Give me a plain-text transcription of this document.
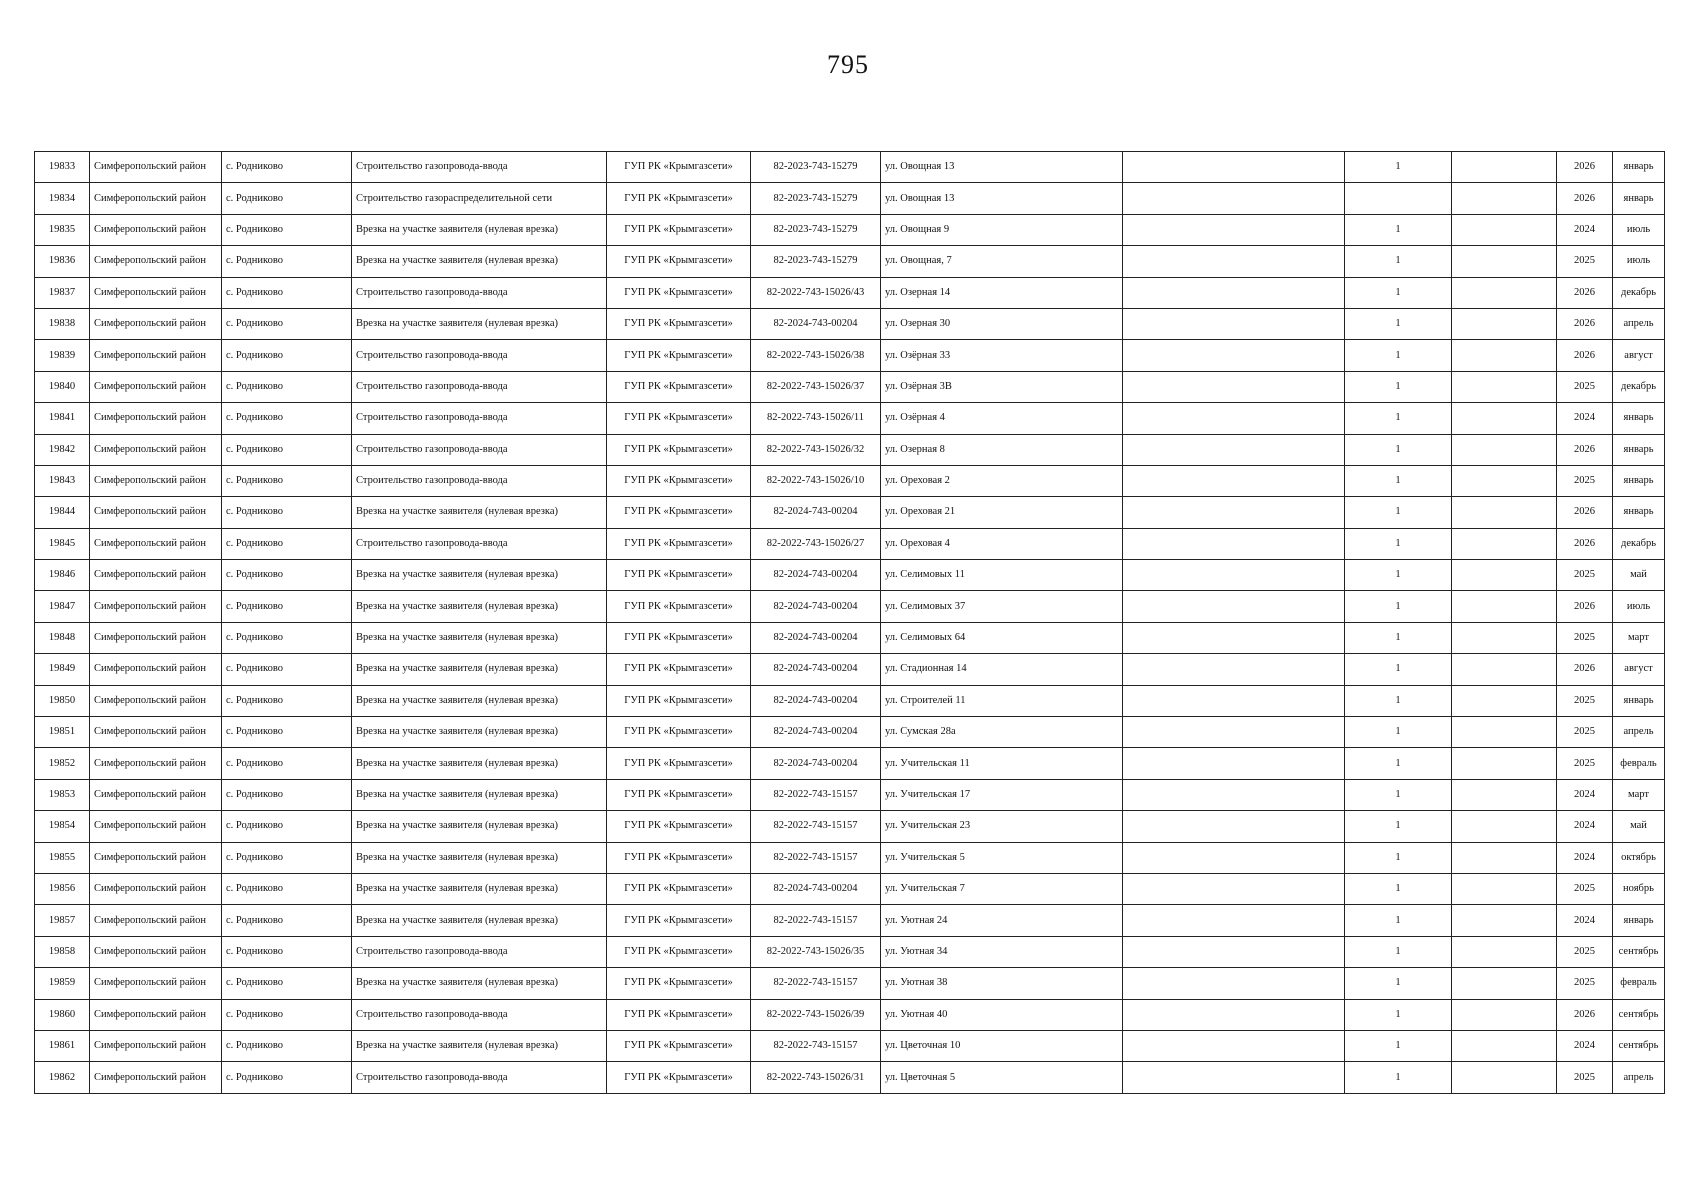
795
19833	Симферопольский район	с. Родниково	Строительство газопровода-ввода	ГУП РК «Крымгазсети»	82-2023-743-15279	ул. Овощная 13		1		2026	январь
19834	Симферопольский район	с. Родниково	Строительство газораспределительной сети	ГУП РК «Крымгазсети»	82-2023-743-15279	ул. Овощная 13				2026	январь
19835	Симферопольский район	с. Родниково	Врезка на участке заявителя (нулевая врезка)	ГУП РК «Крымгазсети»	82-2023-743-15279	ул. Овощная 9		1		2024	июль
19836	Симферопольский район	с. Родниково	Врезка на участке заявителя (нулевая врезка)	ГУП РК «Крымгазсети»	82-2023-743-15279	ул. Овощная, 7		1		2025	июль
19837	Симферопольский район	с. Родниково	Строительство газопровода-ввода	ГУП РК «Крымгазсети»	82-2022-743-15026/43	ул. Озерная 14		1		2026	декабрь
19838	Симферопольский район	с. Родниково	Врезка на участке заявителя (нулевая врезка)	ГУП РК «Крымгазсети»	82-2024-743-00204	ул. Озерная 30		1		2026	апрель
19839	Симферопольский район	с. Родниково	Строительство газопровода-ввода	ГУП РК «Крымгазсети»	82-2022-743-15026/38	ул. Озёрная 33		1		2026	август
19840	Симферопольский район	с. Родниково	Строительство газопровода-ввода	ГУП РК «Крымгазсети»	82-2022-743-15026/37	ул. Озёрная 3В		1		2025	декабрь
19841	Симферопольский район	с. Родниково	Строительство газопровода-ввода	ГУП РК «Крымгазсети»	82-2022-743-15026/11	ул. Озёрная 4		1		2024	январь
19842	Симферопольский район	с. Родниково	Строительство газопровода-ввода	ГУП РК «Крымгазсети»	82-2022-743-15026/32	ул. Озерная 8		1		2026	январь
19843	Симферопольский район	с. Родниково	Строительство газопровода-ввода	ГУП РК «Крымгазсети»	82-2022-743-15026/10	ул. Ореховая 2		1		2025	январь
19844	Симферопольский район	с. Родниково	Врезка на участке заявителя (нулевая врезка)	ГУП РК «Крымгазсети»	82-2024-743-00204	ул. Ореховая 21		1		2026	январь
19845	Симферопольский район	с. Родниково	Строительство газопровода-ввода	ГУП РК «Крымгазсети»	82-2022-743-15026/27	ул. Ореховая 4		1		2026	декабрь
19846	Симферопольский район	с. Родниково	Врезка на участке заявителя (нулевая врезка)	ГУП РК «Крымгазсети»	82-2024-743-00204	ул. Селимовых 11		1		2025	май
19847	Симферопольский район	с. Родниково	Врезка на участке заявителя (нулевая врезка)	ГУП РК «Крымгазсети»	82-2024-743-00204	ул. Селимовых 37		1		2026	июль
19848	Симферопольский район	с. Родниково	Врезка на участке заявителя (нулевая врезка)	ГУП РК «Крымгазсети»	82-2024-743-00204	ул. Селимовых 64		1		2025	март
19849	Симферопольский район	с. Родниково	Врезка на участке заявителя (нулевая врезка)	ГУП РК «Крымгазсети»	82-2024-743-00204	ул. Стадионная 14		1		2026	август
19850	Симферопольский район	с. Родниково	Врезка на участке заявителя (нулевая врезка)	ГУП РК «Крымгазсети»	82-2024-743-00204	ул. Строителей 11		1		2025	январь
19851	Симферопольский район	с. Родниково	Врезка на участке заявителя (нулевая врезка)	ГУП РК «Крымгазсети»	82-2024-743-00204	ул. Сумская 28а		1		2025	апрель
19852	Симферопольский район	с. Родниково	Врезка на участке заявителя (нулевая врезка)	ГУП РК «Крымгазсети»	82-2024-743-00204	ул. Учительская 11		1		2025	февраль
19853	Симферопольский район	с. Родниково	Врезка на участке заявителя (нулевая врезка)	ГУП РК «Крымгазсети»	82-2022-743-15157	ул. Учительская 17		1		2024	март
19854	Симферопольский район	с. Родниково	Врезка на участке заявителя (нулевая врезка)	ГУП РК «Крымгазсети»	82-2022-743-15157	ул. Учительская 23		1		2024	май
19855	Симферопольский район	с. Родниково	Врезка на участке заявителя (нулевая врезка)	ГУП РК «Крымгазсети»	82-2022-743-15157	ул. Учительская 5		1		2024	октябрь
19856	Симферопольский район	с. Родниково	Врезка на участке заявителя (нулевая врезка)	ГУП РК «Крымгазсети»	82-2024-743-00204	ул. Учительская 7		1		2025	ноябрь
19857	Симферопольский район	с. Родниково	Врезка на участке заявителя (нулевая врезка)	ГУП РК «Крымгазсети»	82-2022-743-15157	ул. Уютная 24		1		2024	январь
19858	Симферопольский район	с. Родниково	Строительство газопровода-ввода	ГУП РК «Крымгазсети»	82-2022-743-15026/35	ул. Уютная 34		1		2025	сентябрь
19859	Симферопольский район	с. Родниково	Врезка на участке заявителя (нулевая врезка)	ГУП РК «Крымгазсети»	82-2022-743-15157	ул. Уютная 38		1		2025	февраль
19860	Симферопольский район	с. Родниково	Строительство газопровода-ввода	ГУП РК «Крымгазсети»	82-2022-743-15026/39	ул. Уютная 40		1		2026	сентябрь
19861	Симферопольский район	с. Родниково	Врезка на участке заявителя (нулевая врезка)	ГУП РК «Крымгазсети»	82-2022-743-15157	ул. Цветочная 10		1		2024	сентябрь
19862	Симферопольский район	с. Родниково	Строительство газопровода-ввода	ГУП РК «Крымгазсети»	82-2022-743-15026/31	ул. Цветочная 5		1		2025	апрель
